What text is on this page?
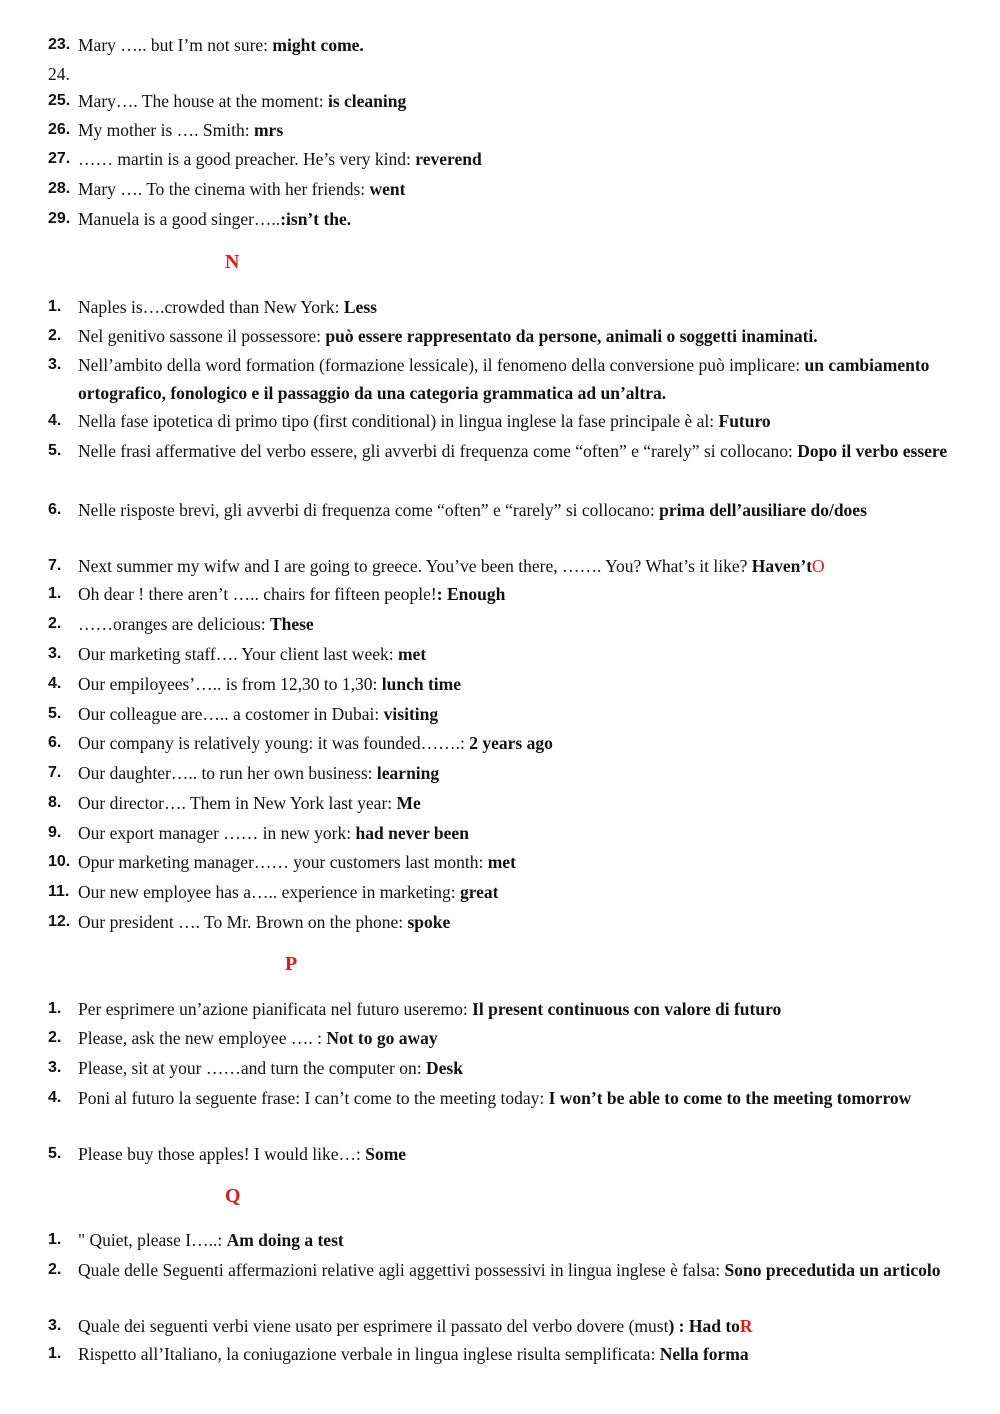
23. Mary ….. but I’m not sure: might come.
24.
25. Mary…. The house at the moment: is cleaning
26. My mother is …. Smith: mrs
27. …… martin is a good preacher. He’s very kind: reverend
28. Mary …. To the cinema with her friends: went
29. Manuela is a good singer…..:isn’t the.
N
1. Naples is….crowded than New York: Less
2. Nel genitivo sassone il possessore: può essere rappresentato da persone, animali o soggetti inaminati.
3. Nell’ambito della word formation (formazione lessicale), il fenomeno della conversione può implicare: un cambiamento ortografico, fonologico e il passaggio da una categoria grammatica ad un’altra.
4. Nella fase ipotetica di primo tipo (first conditional) in lingua inglese la fase principale è al: Futuro
5. Nelle frasi affermative del verbo essere, gli avverbi di frequenza come “often” e “rarely” si collocano: Dopo il verbo essere
6. Nelle risposte brevi, gli avverbi di frequenza come “often” e “rarely” si collocano: prima dell’ausiliare do/does
7. Next summer my wifw and I are going to greece. You’ve been there, ……. You? What’s it like? Haven’tO
1. Oh dear ! there aren’t ….. chairs for fifteen people!: Enough
2. ……oranges are delicious: These
3. Our marketing staff…. Your client last week: met
4. Our empiloyees’….. is from 12,30 to 1,30: lunch time
5. Our colleague are….. a costomer in Dubai: visiting
6. Our company is relatively young: it was founded…….: 2 years ago
7. Our daughter….. to run her own business: learning
8. Our director…. Them in New York last year: Me
9. Our export manager …… in new york: had never been
10. Opur marketing manager…… your customers last month: met
11. Our new employee has a….. experience in marketing: great
12. Our president …. To Mr. Brown on the phone: spoke
P
1. Per esprimere un’azione pianificata nel futuro useremo: Il present continuous con valore di futuro
2. Please, ask the new employee …. : Not to go away
3. Please, sit at your ……and turn the computer on: Desk
4. Poni al futuro la seguente frase: I can’t come to the meeting today: I won’t be able to come to the meeting tomorrow
5. Please buy those apples! I would like…: Some
Q
1. " Quiet, please I…..: Am doing a test
2. Quale delle Seguenti affermazioni relative agli aggettivi possessivi in lingua inglese è falsa: Sono precedutida un articolo
3. Quale dei seguenti verbi viene usato per esprimere il passato del verbo dovere (must) : Had toR
1. Rispetto all’Italiano, la coniugazione verbale in lingua inglese risulta semplificata: Nella forma
